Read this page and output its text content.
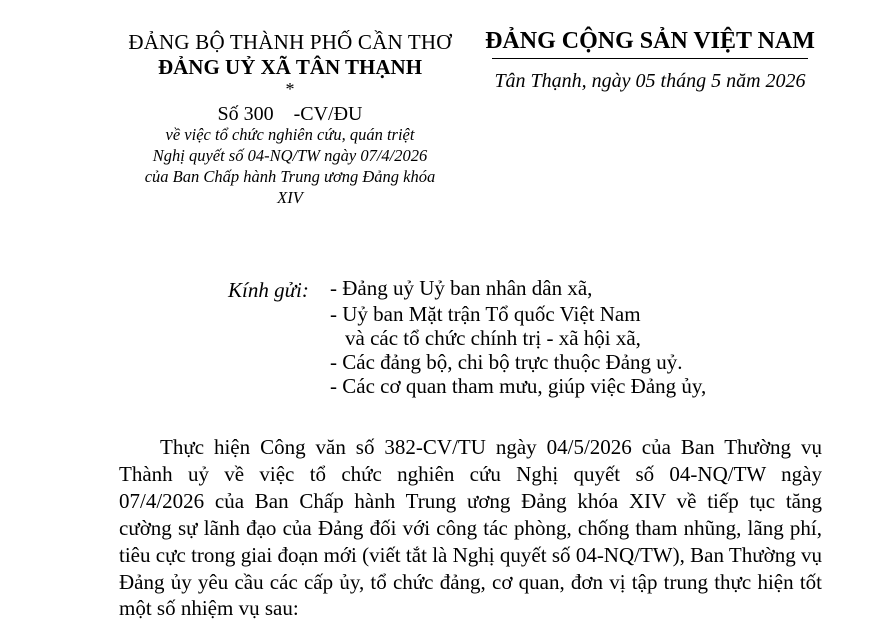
ĐẢNG BỘ THÀNH PHỐ CẦN THƠ
ĐẢNG UỶ XÃ TÂN THẠNH
*
Số 300    -CV/ĐU
về việc tổ chức nghiên cứu, quán triệt
Nghị quyết số 04-NQ/TW ngày 07/4/2026
của Ban Chấp hành Trung ương Đảng khóa
XIV
ĐẢNG CỘNG SẢN VIỆT NAM
Tân Thạnh, ngày 05 tháng 5 năm 2026
Kính gửi: - Đảng uỷ Uỷ ban nhân dân xã,
- Uỷ ban Mặt trận Tổ quốc Việt Nam
và các tổ chức chính trị - xã hội xã,
- Các đảng bộ, chi bộ trực thuộc Đảng uỷ.
- Các cơ quan tham mưu, giúp việc Đảng ủy,
Thực hiện Công văn số 382-CV/TU ngày 04/5/2026 của Ban Thường vụ
Thành uỷ về việc tổ chức nghiên cứu Nghị quyết số 04-NQ/TW ngày
07/4/2026 của Ban Chấp hành Trung ương Đảng khóa XIV về tiếp tục tăng
cường sự lãnh đạo của Đảng đối với công tác phòng, chống tham nhũng, lãng phí,
tiêu cực trong giai đoạn mới (viết tắt là Nghị quyết số 04-NQ/TW), Ban Thường vụ
Đảng ủy yêu cầu các cấp ủy, tổ chức đảng, cơ quan, đơn vị tập trung thực hiện tốt
một số nhiệm vụ sau:
